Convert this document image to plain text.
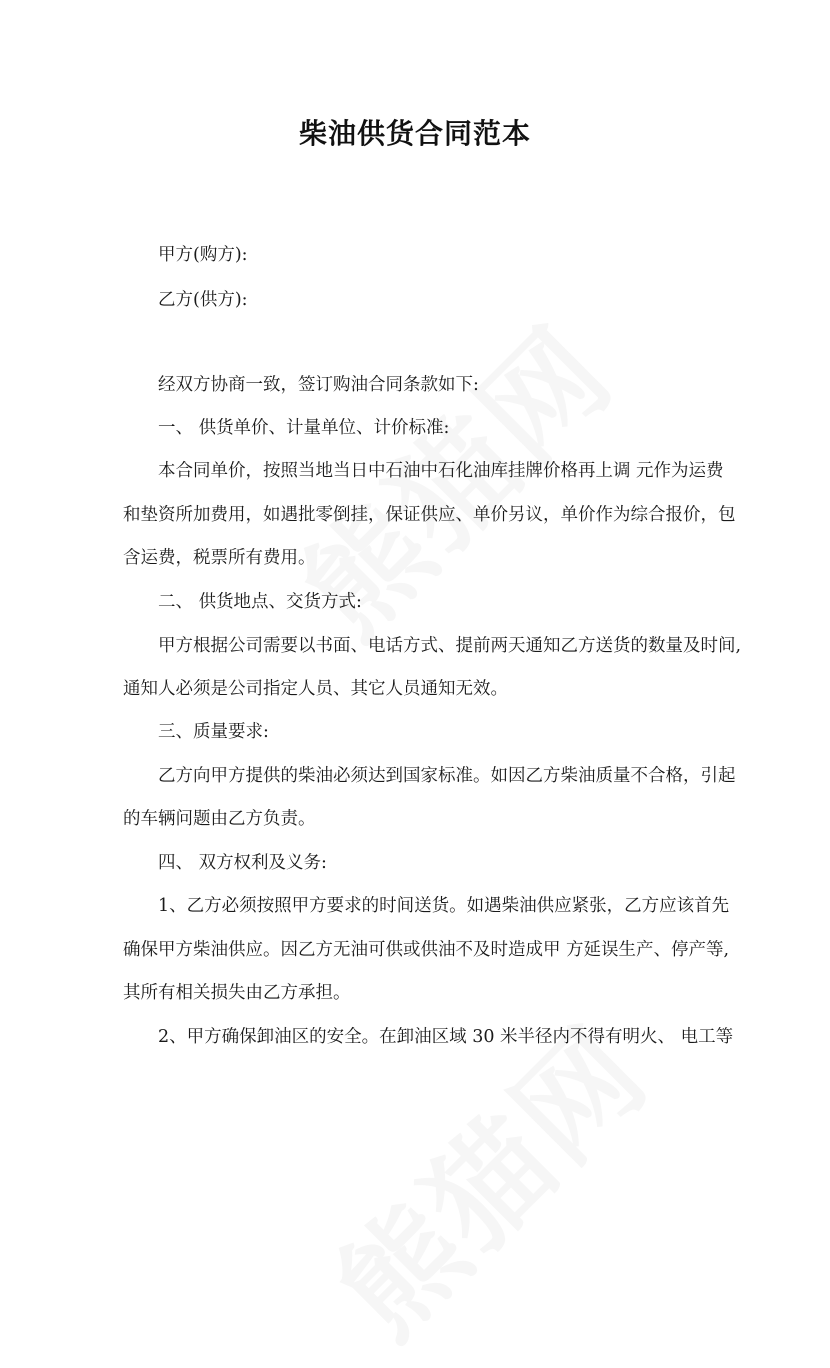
柴油供货合同范本
甲方(购方):
乙方(供方):
经双方协商一致，签订购油合同条款如下:
一、 供货单价、计量单位、计价标准:
本合同单价，按照当地当日中石油中石化油库挂牌价格再上调 元作为运费
和垫资所加费用，如遇批零倒挂，保证供应、单价另议，单价作为综合报价，包
含运费，税票所有费用。
二、 供货地点、交货方式:
甲方根据公司需要以书面、电话方式、提前两天通知乙方送货的数量及时间,
通知人必须是公司指定人员、其它人员通知无效。
三、质量要求:
乙方向甲方提供的柴油必须达到国家标准。如因乙方柴油质量不合格，引起
的车辆问题由乙方负责。
四、 双方权利及义务:
1、乙方必须按照甲方要求的时间送货。如遇柴油供应紧张，乙方应该首先
确保甲方柴油供应。因乙方无油可供或供油不及时造成甲 方延误生产、停产等,
其所有相关损失由乙方承担。
2、甲方确保卸油区的安全。在卸油区域 30 米半径内不得有明火、 电工等
